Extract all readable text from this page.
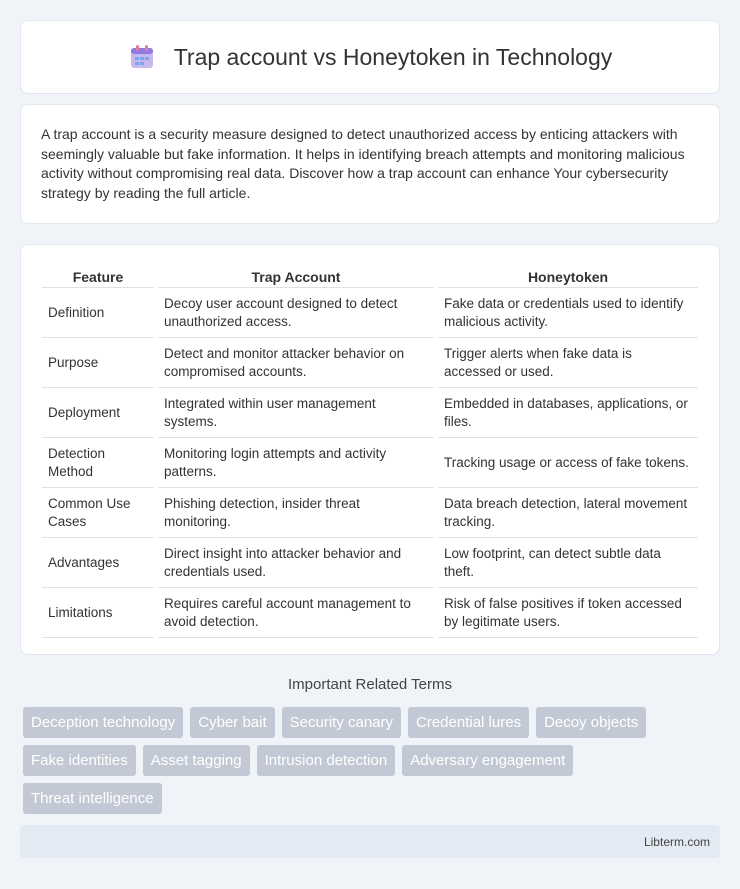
Trap account vs Honeytoken in Technology

A trap account is a security measure designed to detect unauthorized access by enticing attackers with seemingly valuable but fake information. It helps in identifying breach attempts and monitoring malicious activity without compromising real data. Discover how a trap account can enhance Your cybersecurity strategy by reading the full article.

Feature	Trap Account	Honeytoken
Definition	Decoy user account designed to detect unauthorized access.	Fake data or credentials used to identify malicious activity.
Purpose	Detect and monitor attacker behavior on compromised accounts.	Trigger alerts when fake data is accessed or used.
Deployment	Integrated within user management systems.	Embedded in databases, applications, or files.
Detection Method	Monitoring login attempts and activity patterns.	Tracking usage or access of fake tokens.
Common Use Cases	Phishing detection, insider threat monitoring.	Data breach detection, lateral movement tracking.
Advantages	Direct insight into attacker behavior and credentials used.	Low footprint, can detect subtle data theft.
Limitations	Requires careful account management to avoid detection.	Risk of false positives if token accessed by legitimate users.
Important Related Terms
Deception technology	Cyber bait	Security canary	Credential lures	Decoy objects
Fake identities	Asset tagging	Intrusion detection	Adversary engagement
Threat intelligence
Libterm.com
